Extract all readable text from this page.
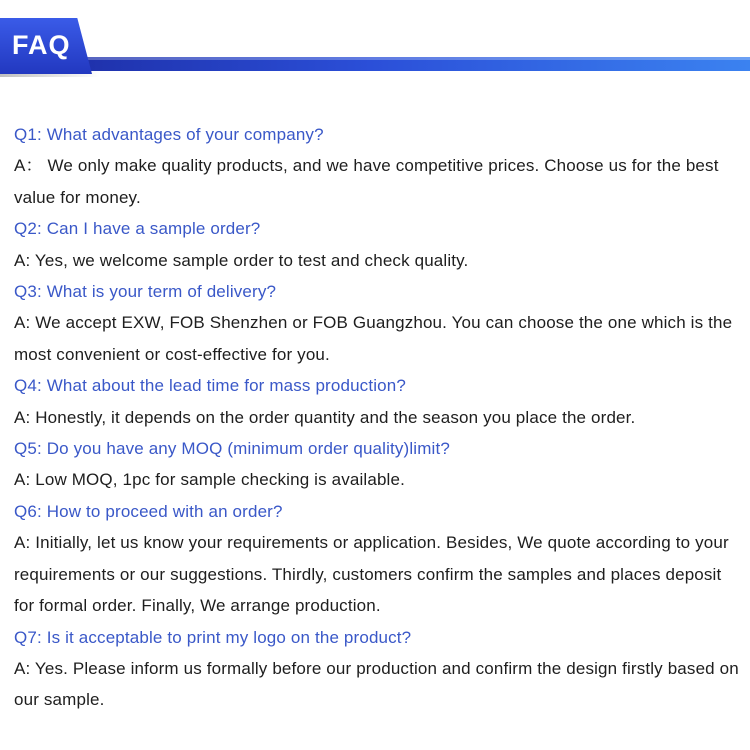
FAQ

Q1: What advantages of your company?

A： We only make quality products, and we have competitive prices. Choose us for the best value for money.

Q2: Can I have a sample order?

A: Yes, we welcome sample order to test and check quality.

Q3: What is your term of delivery?

A: We accept EXW, FOB Shenzhen or FOB Guangzhou. You can choose the one which is the most convenient or cost-effective for you.

Q4: What about the lead time for mass production?

A: Honestly, it depends on the order quantity and the season you place the order.

Q5: Do you have any MOQ (minimum order quality)limit?

A: Low MOQ, 1pc for sample checking is available.

Q6: How to proceed with an order?

A: Initially, let us know your requirements or application. Besides, We quote according to your requirements or our suggestions. Thirdly, customers confirm the samples and places deposit for formal order. Finally, We arrange production.

Q7: Is it acceptable to print my logo on the product?

A: Yes. Please inform us formally before our production and confirm the design firstly based on our sample.
